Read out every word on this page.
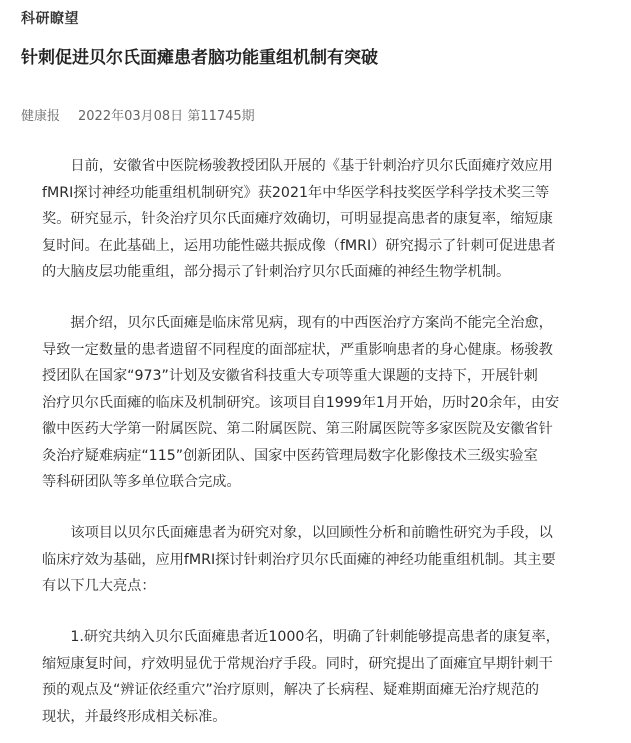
科研瞭望
针刺促进贝尔氏面瘫患者脑功能重组机制有突破
健康报 2022年03月08日 第11745期
　　日前，安徽省中医院杨骏教授团队开展的《基于针刺治疗贝尔氏面瘫疗效应用
fMRI探讨神经功能重组机制研究》获2021年中华医学科技奖医学科学技术奖三等
奖。研究显示，针灸治疗贝尔氏面瘫疗效确切，可明显提高患者的康复率，缩短康
复时间。在此基础上，运用功能性磁共振成像（fMRI）研究揭示了针刺可促进患者
的大脑皮层功能重组，部分揭示了针刺治疗贝尔氏面瘫的神经生物学机制。
　　据介绍，贝尔氏面瘫是临床常见病，现有的中西医治疗方案尚不能完全治愈，
导致一定数量的患者遗留不同程度的面部症状，严重影响患者的身心健康。杨骏教
授团队在国家“973”计划及安徽省科技重大专项等重大课题的支持下，开展针刺
治疗贝尔氏面瘫的临床及机制研究。该项目自1999年1月开始，历时20余年，由安
徽中医药大学第一附属医院、第二附属医院、第三附属医院等多家医院及安徽省针
灸治疗疑难病症“115”创新团队、国家中医药管理局数字化影像技术三级实验室
等科研团队等多单位联合完成。
　　该项目以贝尔氏面瘫患者为研究对象，以回顾性分析和前瞻性研究为手段，以
临床疗效为基础，应用fMRI探讨针刺治疗贝尔氏面瘫的神经功能重组机制。其主要
有以下几大亮点：
　　1.研究共纳入贝尔氏面瘫患者近1000名，明确了针刺能够提高患者的康复率，
缩短康复时间，疗效明显优于常规治疗手段。同时，研究提出了面瘫宜早期针刺干
预的观点及“辨证依经重穴”治疗原则，解决了长病程、疑难期面瘫无治疗规范的
现状，并最终形成相关标准。
